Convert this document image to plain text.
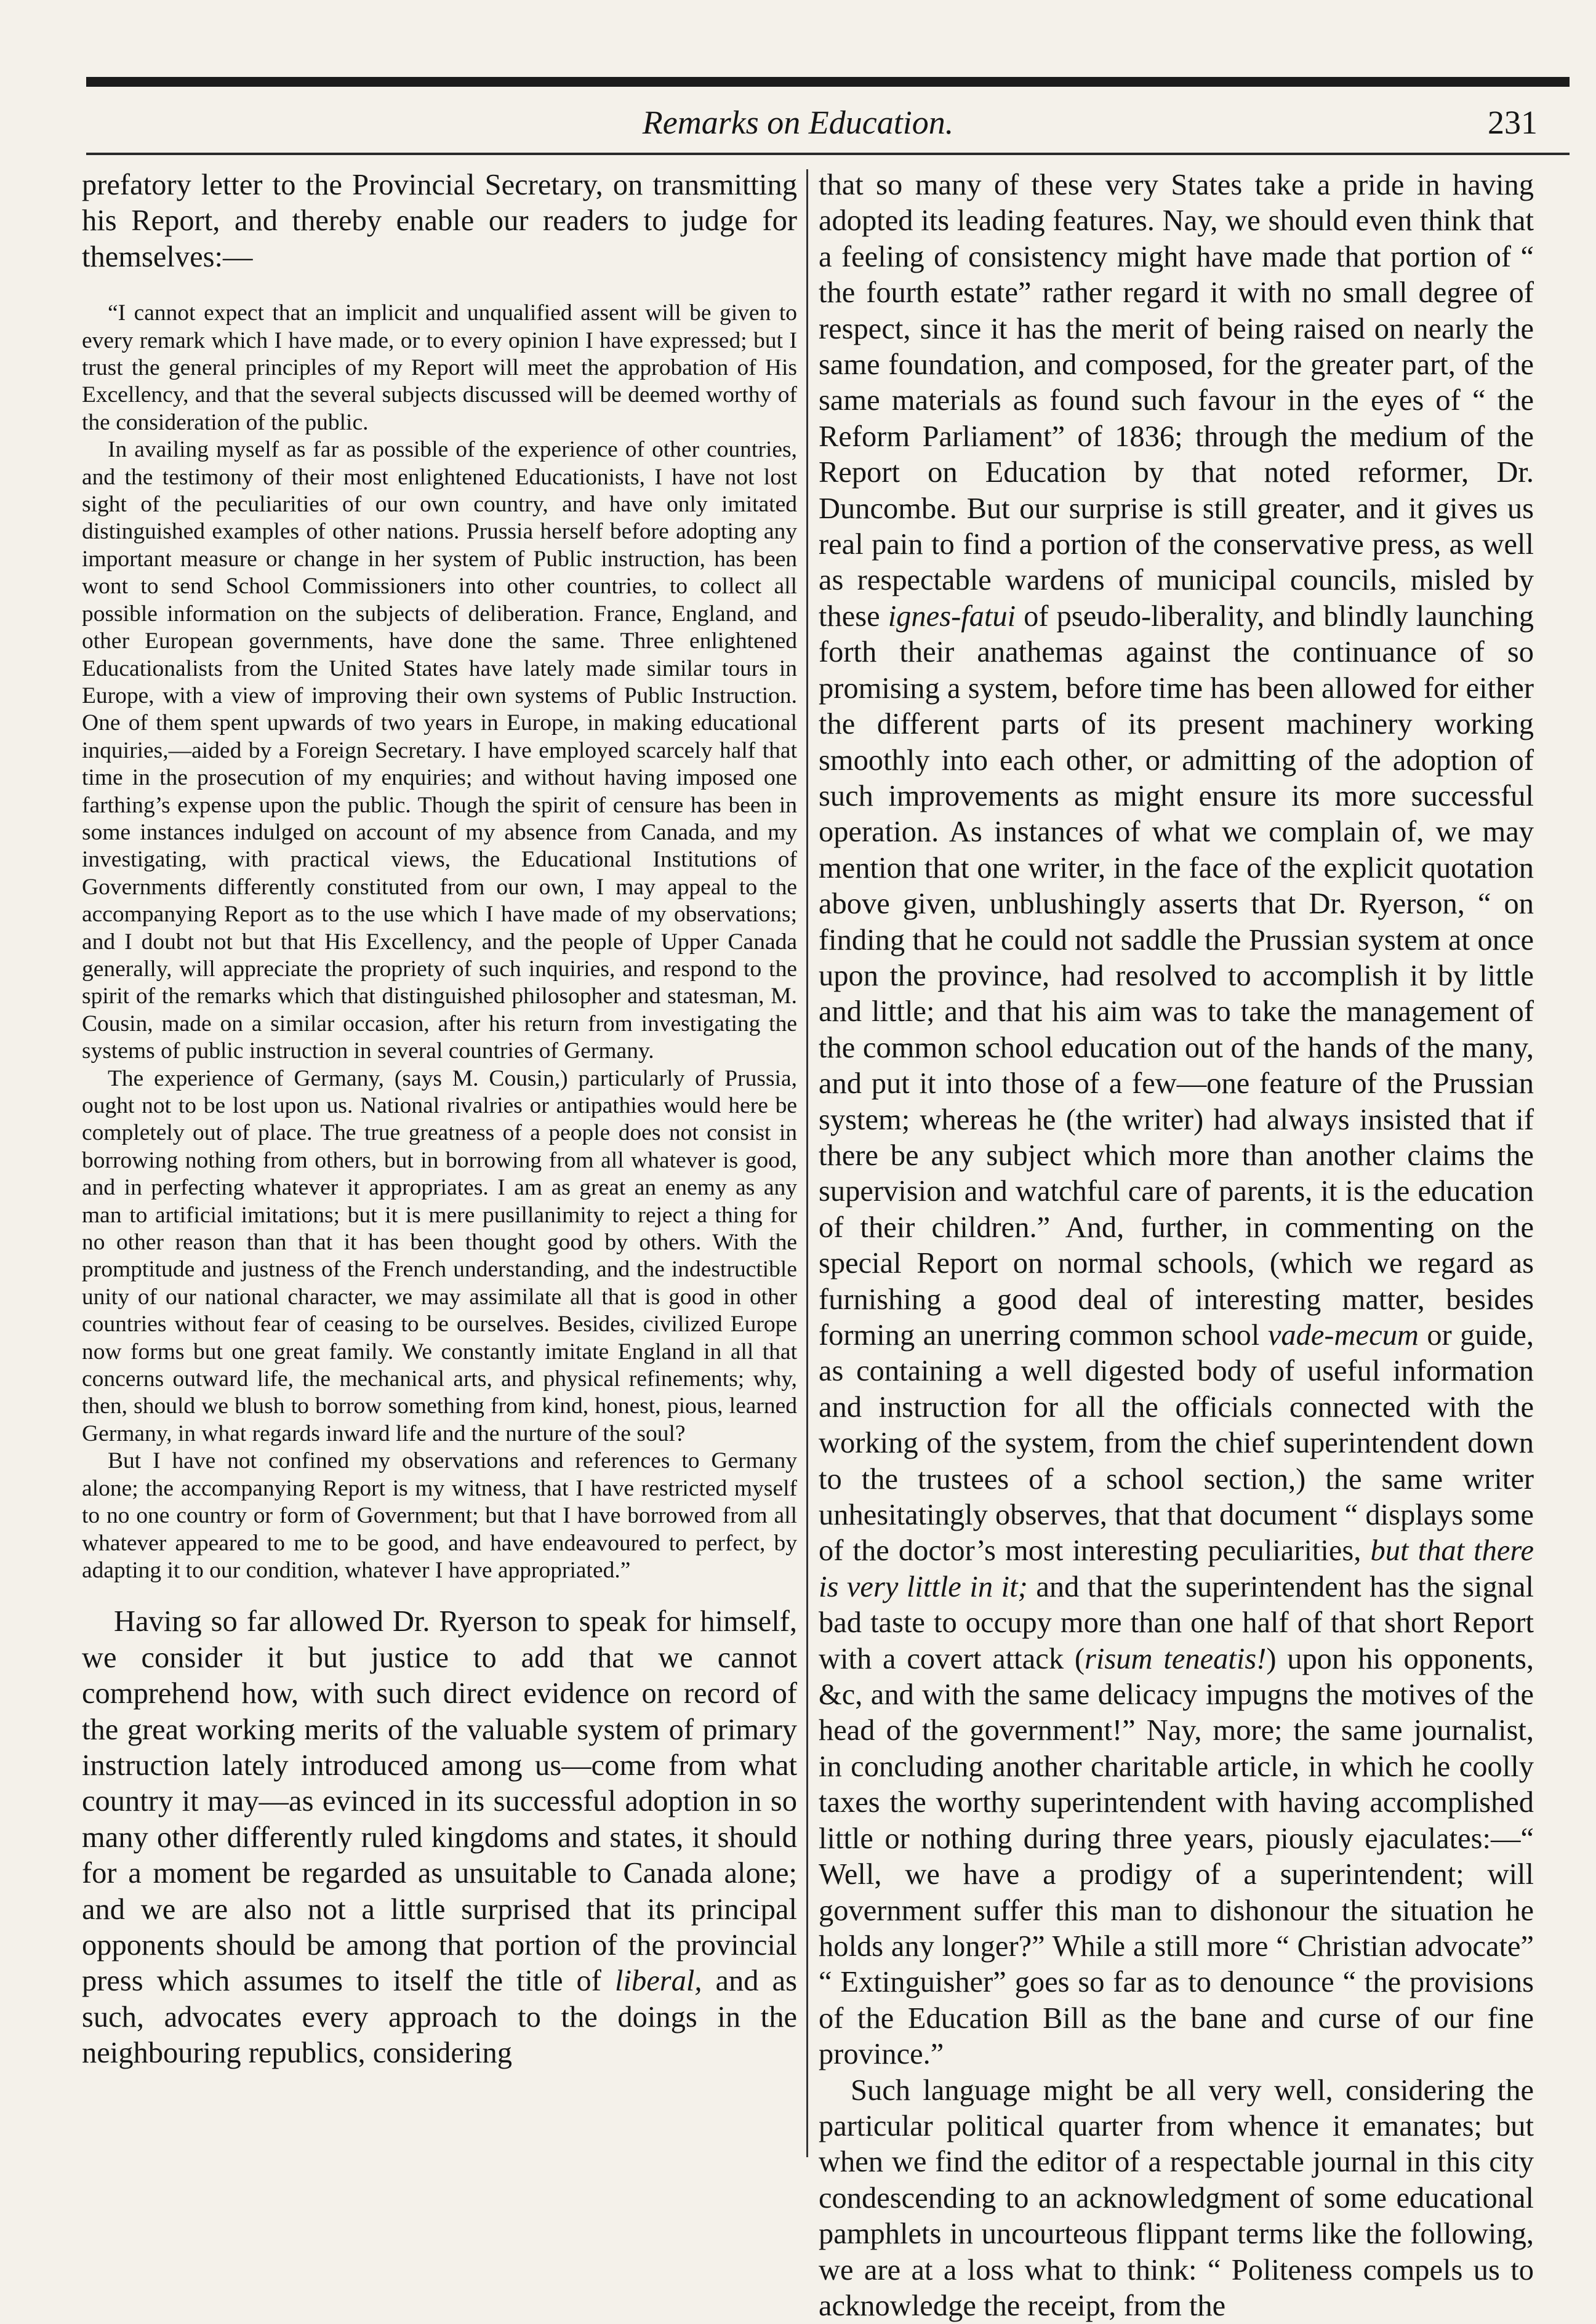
Remarks on Education.	231

prefatory letter to the Provincial Secretary, on transmitting his Report, and thereby enable our readers to judge for themselves:—

“I cannot expect that an implicit and unqualified assent will be given to every remark which I have made, or to every opinion I have expressed; but I trust the general principles of my Report will meet the approbation of His Excellency, and that the several subjects discussed will be deemed worthy of the consideration of the public.

In availing myself as far as possible of the experience of other countries, and the testimony of their most enlightened Educationists, I have not lost sight of the peculiarities of our own country, and have only imitated distinguished examples of other nations. Prussia herself before adopting any important measure or change in her system of Public instruction, has been wont to send School Commissioners into other countries, to collect all possible information on the subjects of deliberation. France, England, and other European governments, have done the same. Three enlightened Educationalists from the United States have lately made similar tours in Europe, with a view of improving their own systems of Public Instruction. One of them spent upwards of two years in Europe, in making educational inquiries,—aided by a Foreign Secretary. I have employed scarcely half that time in the prosecution of my enquiries; and without having imposed one farthing’s expense upon the public. Though the spirit of censure has been in some instances indulged on account of my absence from Canada, and my investigating, with practical views, the Educational Institutions of Governments differently constituted from our own, I may appeal to the accompanying Report as to the use which I have made of my observations; and I doubt not but that His Excellency, and the people of Upper Canada generally, will appreciate the propriety of such inquiries, and respond to the spirit of the remarks which that distinguished philosopher and statesman, M. Cousin, made on a similar occasion, after his return from investigating the systems of public instruction in several countries of Germany.

The experience of Germany, (says M. Cousin,) particularly of Prussia, ought not to be lost upon us. National rivalries or antipathies would here be completely out of place. The true greatness of a people does not consist in borrowing nothing from others, but in borrowing from all whatever is good, and in perfecting whatever it appropriates. I am as great an enemy as any man to artificial imitations; but it is mere pusillanimity to reject a thing for no other reason than that it has been thought good by others. With the promptitude and justness of the French understanding, and the indestructible unity of our national character, we may assimilate all that is good in other countries without fear of ceasing to be ourselves. Besides, civilized Europe now forms but one great family. We constantly imitate England in all that concerns outward life, the mechanical arts, and physical refinements; why, then, should we blush to borrow something from kind, honest, pious, learned Germany, in what regards inward life and the nurture of the soul?

But I have not confined my observations and references to Germany alone; the accompanying Report is my witness, that I have restricted myself to no one country or form of Government; but that I have borrowed from all whatever appeared to me to be good, and have endeavoured to perfect, by adapting it to our condition, whatever I have appropriated.”

Having so far allowed Dr. Ryerson to speak for himself, we consider it but justice to add that we cannot comprehend how, with such direct evidence on record of the great working merits of the valuable system of primary instruction lately introduced among us—come from what country it may—as evinced in its successful adoption in so many other differently ruled kingdoms and states, it should for a moment be regarded as unsuitable to Canada alone; and we are also not a little surprised that its principal opponents should be among that portion of the provincial press which assumes to itself the title of liberal, and as such, advocates every approach to the doings in the neighbouring republics, considering

that so many of these very States take a pride in having adopted its leading features. Nay, we should even think that a feeling of consistency might have made that portion of “ the fourth estate” rather regard it with no small degree of respect, since it has the merit of being raised on nearly the same foundation, and composed, for the greater part, of the same materials as found such favour in the eyes of “ the Reform Parliament” of 1836; through the medium of the Report on Education by that noted reformer, Dr. Duncombe. But our surprise is still greater, and it gives us real pain to find a portion of the conservative press, as well as respectable wardens of municipal councils, misled by these ignes-fatui of pseudo-liberality, and blindly launching forth their anathemas against the continuance of so promising a system, before time has been allowed for either the different parts of its present machinery working smoothly into each other, or admitting of the adoption of such improvements as might ensure its more successful operation. As instances of what we complain of, we may mention that one writer, in the face of the explicit quotation above given, unblushingly asserts that Dr. Ryerson, “ on finding that he could not saddle the Prussian system at once upon the province, had resolved to accomplish it by little and little; and that his aim was to take the management of the common school education out of the hands of the many, and put it into those of a few—one feature of the Prussian system; whereas he (the writer) had always insisted that if there be any subject which more than another claims the supervision and watchful care of parents, it is the education of their children.” And, further, in commenting on the special Report on normal schools, (which we regard as furnishing a good deal of interesting matter, besides forming an unerring common school vade-mecum or guide, as containing a well digested body of useful information and instruction for all the officials connected with the working of the system, from the chief superintendent down to the trustees of a school section,) the same writer unhesitatingly observes, that that document “ displays some of the doctor’s most interesting peculiarities, but that there is very little in it; and that the superintendent has the signal bad taste to occupy more than one half of that short Report with a covert attack (risum teneatis!) upon his opponents, &c, and with the same delicacy impugns the motives of the head of the government!” Nay, more; the same journalist, in concluding another charitable article, in which he coolly taxes the worthy superintendent with having accomplished little or nothing during three years, piously ejaculates:—“ Well, we have a prodigy of a superintendent; will government suffer this man to dishonour the situation he holds any longer?” While a still more “ Christian advocate” “ Extinguisher” goes so far as to denounce “ the provisions of the Education Bill as the bane and curse of our fine province.”

Such language might be all very well, considering the particular political quarter from whence it emanates; but when we find the editor of a respectable journal in this city condescending to an acknowledgment of some educational pamphlets in uncourteous flippant terms like the following, we are at a loss what to think: “ Politeness compels us to acknowledge the receipt, from the
